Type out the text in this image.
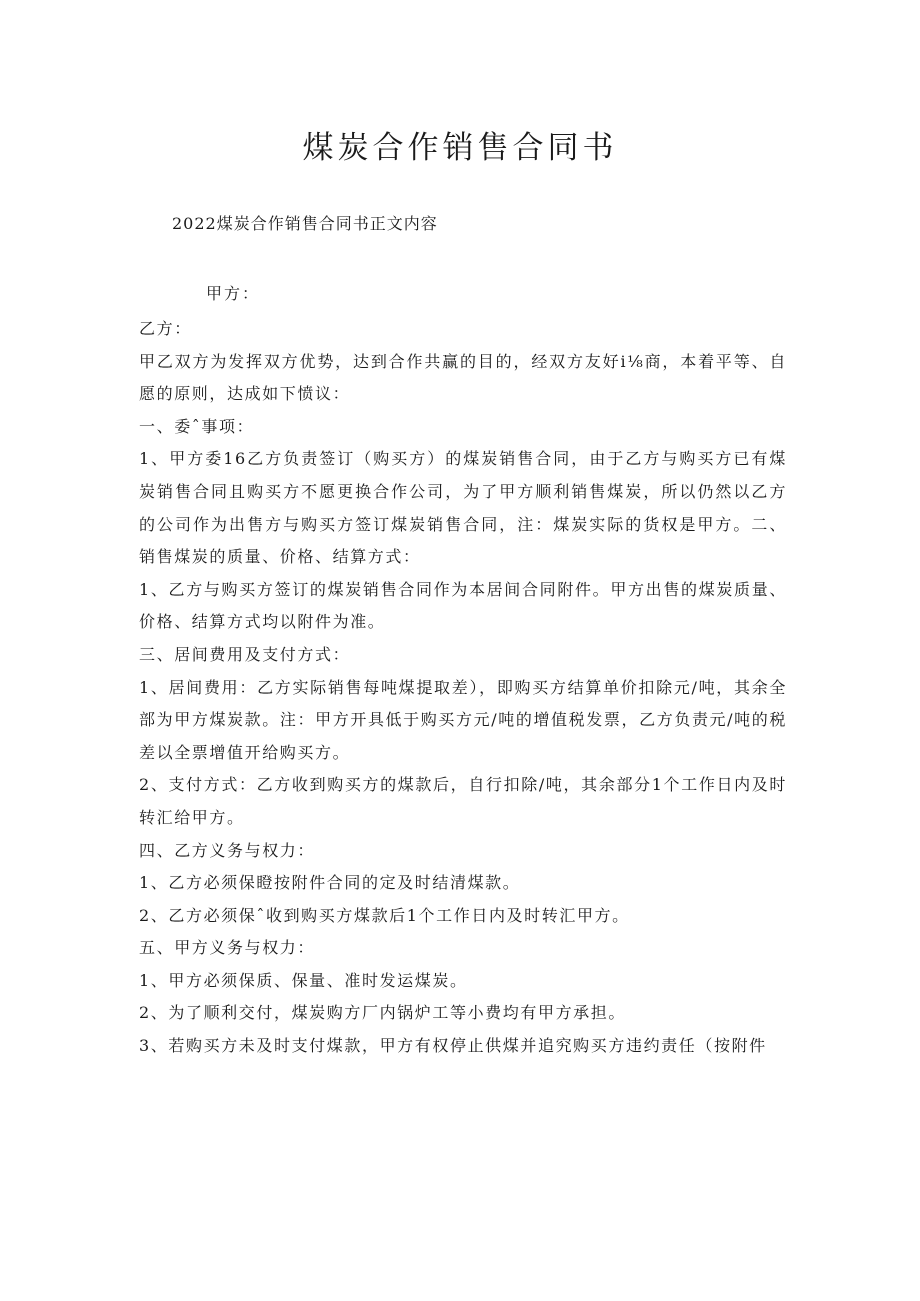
煤炭合作销售合同书

2022煤炭合作销售合同书正文内容

甲方：

乙方：

甲乙双方为发挥双方优势，达到合作共赢的目的，经双方友好i⅛商，本着平等、自愿的原则，达成如下愤议：

一、委ˆ事项：

1、甲方委16乙方负责签订（购买方）的煤炭销售合同，由于乙方与购买方已有煤炭销售合同且购买方不愿更换合作公司，为了甲方顺利销售煤炭，所以仍然以乙方的公司作为出售方与购买方签订煤炭销售合同，注：煤炭实际的货权是甲方。二、销售煤炭的质量、价格、结算方式：

1、乙方与购买方签订的煤炭销售合同作为本居间合同附件。甲方出售的煤炭质量、价格、结算方式均以附件为准。

三、居间费用及支付方式：

1、居间费用：乙方实际销售每吨煤提取差），即购买方结算单价扣除元/吨，其余全部为甲方煤炭款。注：甲方开具低于购买方元/吨的增值税发票，乙方负责元/吨的税差以全票增值开给购买方。

2、支付方式：乙方收到购买方的煤款后，自行扣除/吨，其余部分1个工作日内及时转汇给甲方。

四、乙方义务与权力：

1、乙方必须保瞪按附件合同的定及时结清煤款。

2、乙方必须保ˆ收到购买方煤款后1个工作日内及时转汇甲方。

五、甲方义务与权力：

1、甲方必须保质、保量、准时发运煤炭。

2、为了顺利交付，煤炭购方厂内锅炉工等小费均有甲方承担。

3、若购买方未及时支付煤款，甲方有权停止供煤并追究购买方违约责任（按附件
